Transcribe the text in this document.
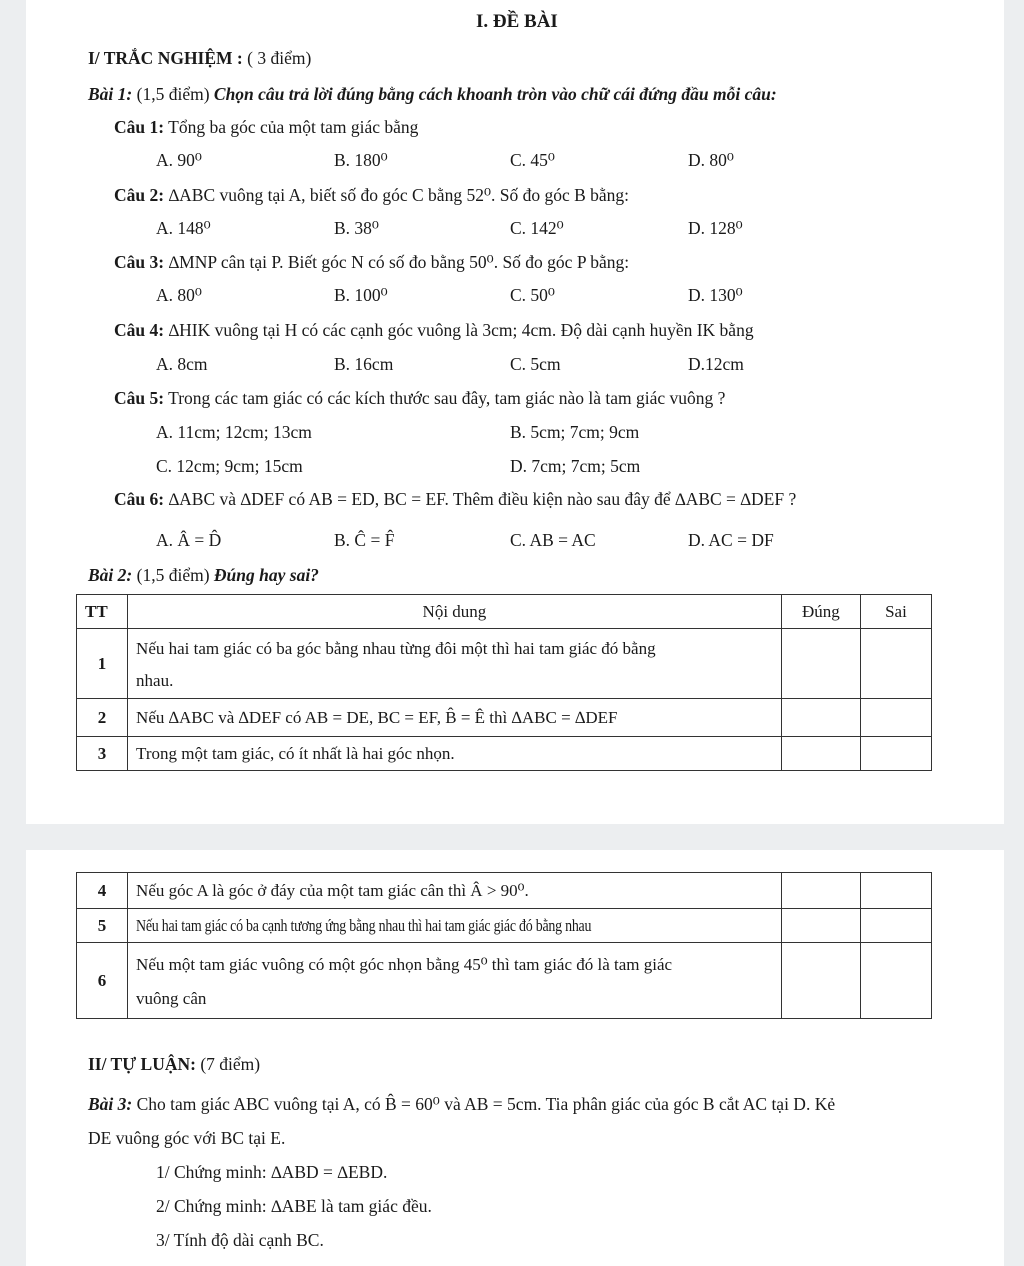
I. ĐỀ BÀI
I/ TRẮC NGHIỆM : ( 3 điểm)
Bài 1: (1,5 điểm) Chọn câu trả lời đúng bằng cách khoanh tròn vào chữ cái đứng đầu mỗi câu:
Câu 1: Tổng ba góc của một tam giác bằng
A. 90⁰	B. 180⁰	C. 45⁰	D. 80⁰
Câu 2: ∆ABC vuông tại A, biết số đo góc C bằng 52⁰. Số đo góc B bằng:
A. 148⁰	B. 38⁰	C. 142⁰	D. 128⁰
Câu 3: ∆MNP cân tại P. Biết góc N có số đo bằng 50⁰. Số đo góc P bằng:
A. 80⁰	B. 100⁰	C. 50⁰	D. 130⁰
Câu 4: ∆HIK vuông tại H có các cạnh góc vuông là 3cm; 4cm. Độ dài cạnh huyền IK bằng
A. 8cm	B. 16cm	C. 5cm	D.12cm
Câu 5: Trong các tam giác có các kích thước sau đây, tam giác nào là tam giác vuông ?
A. 11cm; 12cm; 13cm	B. 5cm; 7cm; 9cm
C. 12cm; 9cm; 15cm	D. 7cm; 7cm; 5cm
Câu 6: ∆ABC và ∆DEF có AB = ED, BC = EF. Thêm điều kiện nào sau đây để ∆ABC = ∆DEF ?
A. Â = D̂	B. Ĉ = F̂	C. AB = AC	D. AC = DF
Bài 2: (1,5 điểm) Đúng hay sai?
TT	Nội dung	Đúng	Sai
1	Nếu hai tam giác có ba góc bằng nhau từng đôi một thì hai tam giác đó bằng
nhau.		

2	Nếu ∆ABC và ∆DEF có AB = DE, BC = EF, B̂ = Ê thì ∆ABC = ∆DEF		
3	Trong một tam giác, có ít nhất là hai góc nhọn.		
4	Nếu góc A là góc ở đáy của một tam giác cân thì Â > 90⁰.		
5	Nếu hai tam giác có ba cạnh tương ứng bằng nhau thì hai tam giác giác đó bằng nhau		
6	Nếu một tam giác vuông có một góc nhọn bằng 45⁰ thì tam giác đó là tam giác
vuông cân		

II/ TỰ LUẬN: (7 điểm)
Bài 3: Cho tam giác ABC vuông tại A, có B̂ = 60⁰ và AB = 5cm. Tia phân giác của góc B cắt AC tại D. Kẻ
DE vuông góc với BC tại E.
1/ Chứng minh: ∆ABD = ∆EBD.
2/ Chứng minh: ∆ABE là tam giác đều.
3/ Tính độ dài cạnh BC.
